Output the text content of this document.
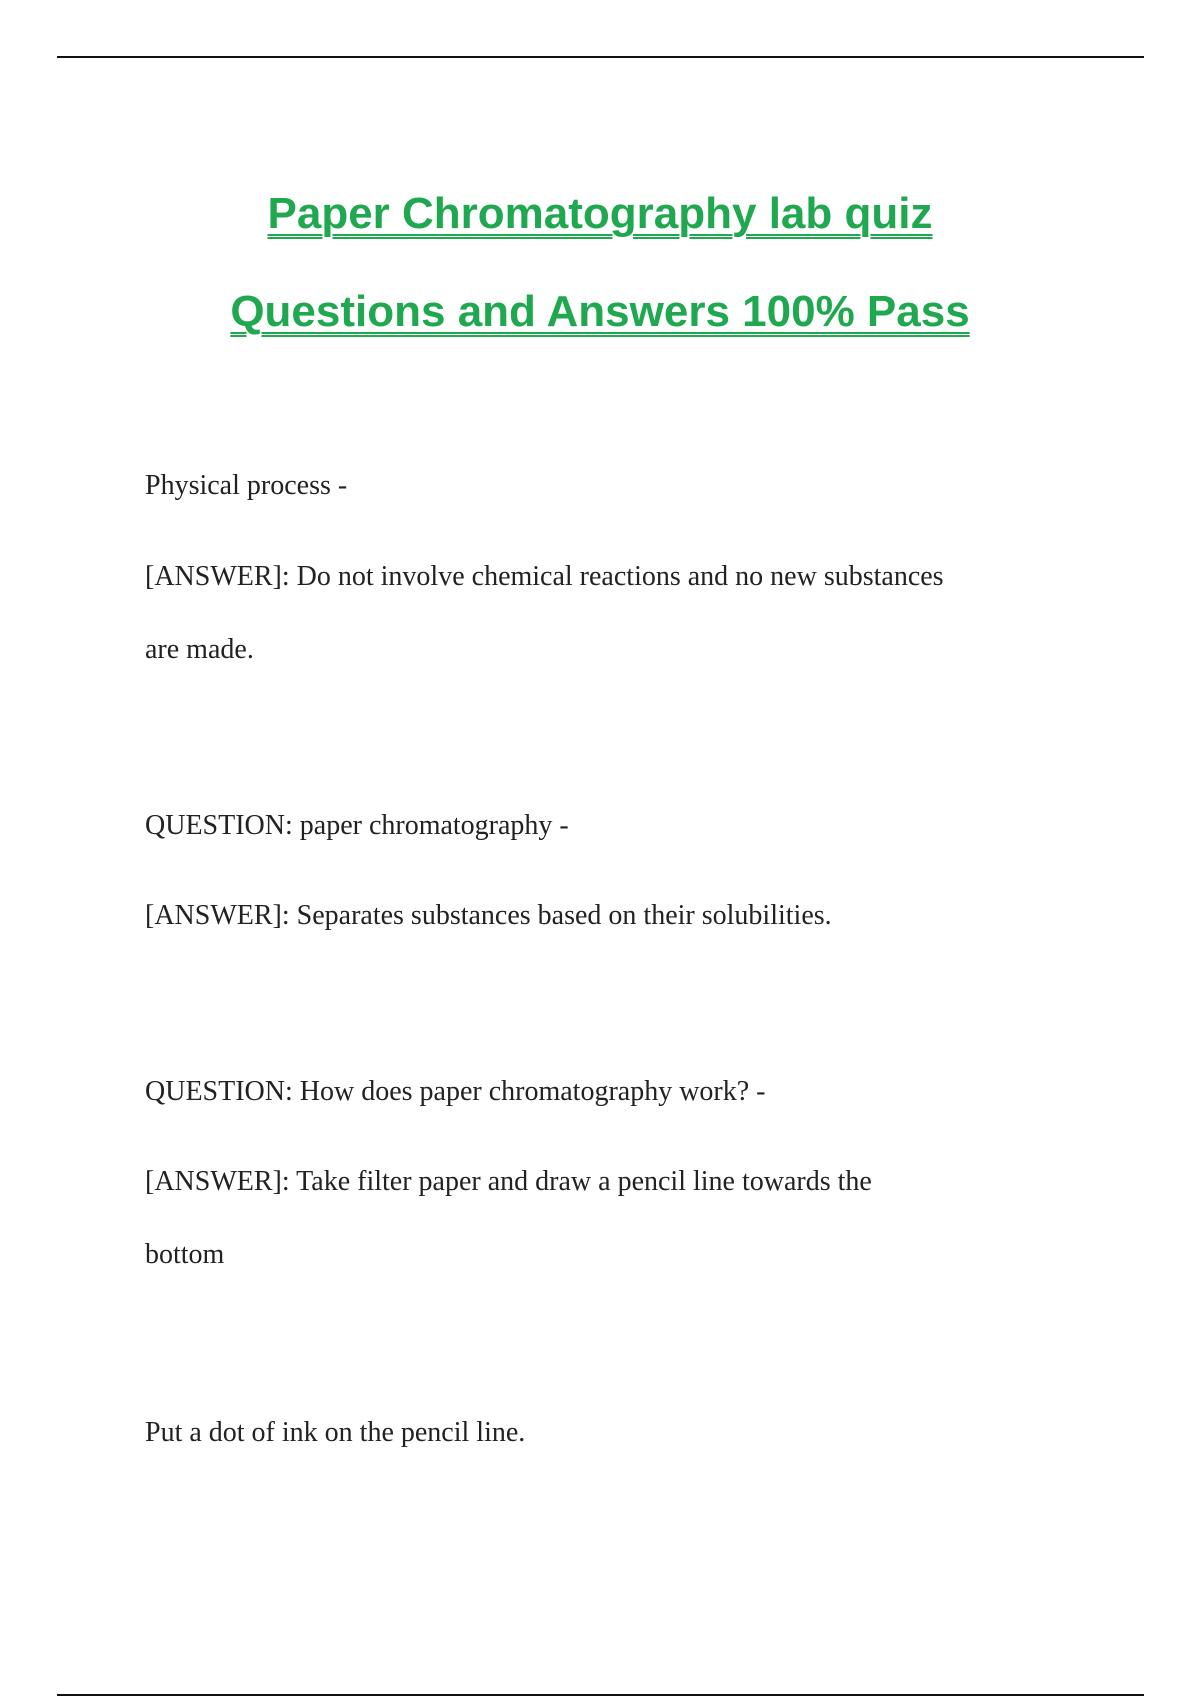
Paper Chromatography lab quiz
Questions and Answers 100% Pass

Physical process -

[ANSWER]: Do not involve chemical reactions and no new substances

are made.

QUESTION: paper chromatography -

[ANSWER]: Separates substances based on their solubilities.

QUESTION: How does paper chromatography work? -

[ANSWER]: Take filter paper and draw a pencil line towards the

bottom

Put a dot of ink on the pencil line.
